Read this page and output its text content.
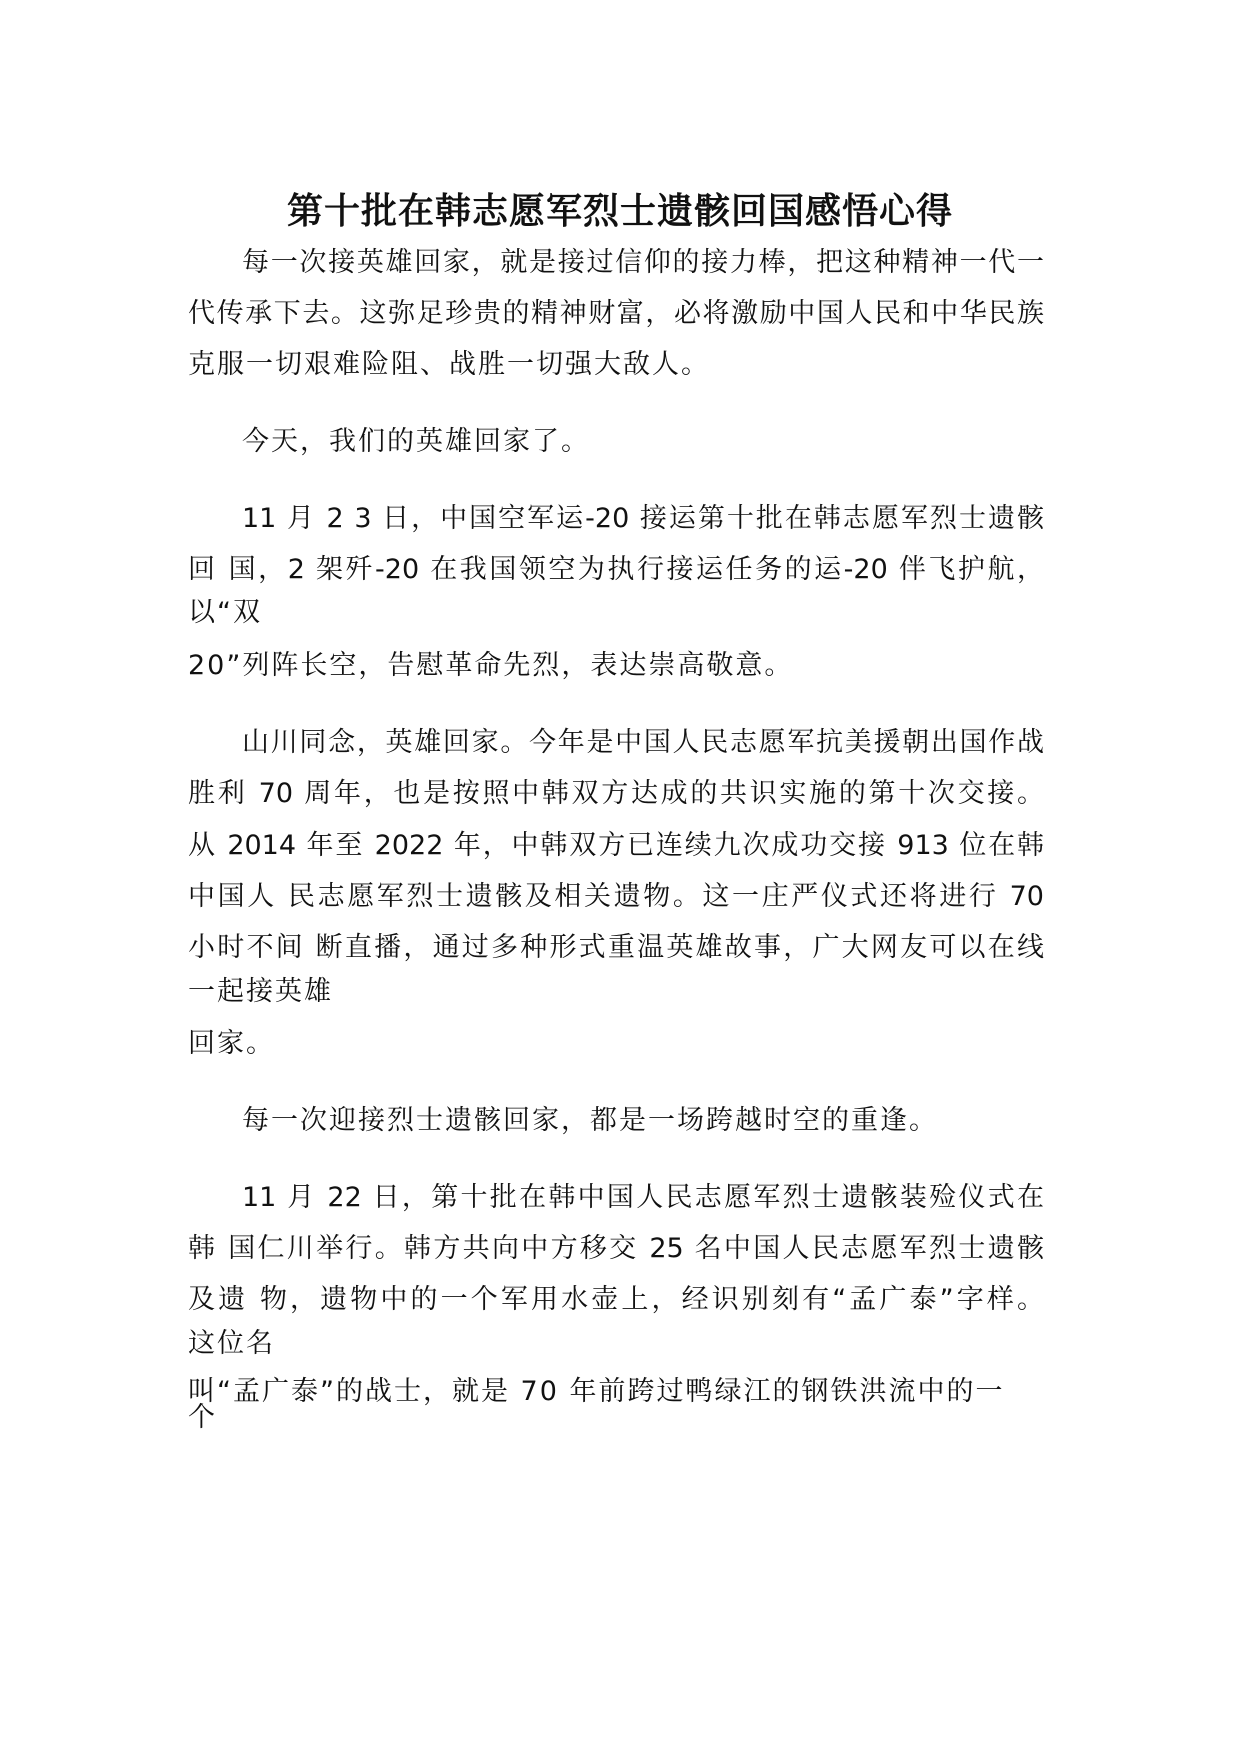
第十批在韩志愿军烈士遗骸回国感悟心得
每一次接英雄回家，就是接过信仰的接力棒，把这种精神一代一
代传承下去。这弥足珍贵的精神财富，必将激励中国人民和中华民族
克服一切艰难险阻、战胜一切强大敌人。
今天，我们的英雄回家了。
11 月 2 3 日，中国空军运-20 接运第十批在韩志愿军烈士遗骸
回 国，2 架歼-20 在我国领空为执行接运任务的运-20 伴飞护航，
以“双
20”列阵长空，告慰革命先烈，表达崇高敬意。
山川同念，英雄回家。今年是中国人民志愿军抗美援朝出国作战
胜利 70 周年，也是按照中韩双方达成的共识实施的第十次交接。
从 2014 年至 2022 年，中韩双方已连续九次成功交接 913 位在韩
中国人 民志愿军烈士遗骸及相关遗物。这一庄严仪式还将进行 70
小时不间 断直播，通过多种形式重温英雄故事，广大网友可以在线
一起接英雄
回家。
每一次迎接烈士遗骸回家，都是一场跨越时空的重逢。
11 月 22 日，第十批在韩中国人民志愿军烈士遗骸装殓仪式在
韩 国仁川举行。韩方共向中方移交 25 名中国人民志愿军烈士遗骸
及遗 物，遗物中的一个军用水壶上，经识别刻有“孟广泰”字样。
这位名
叫“孟广泰”的战士，就是 70 年前跨过鸭绿江的钢铁洪流中的一
个
